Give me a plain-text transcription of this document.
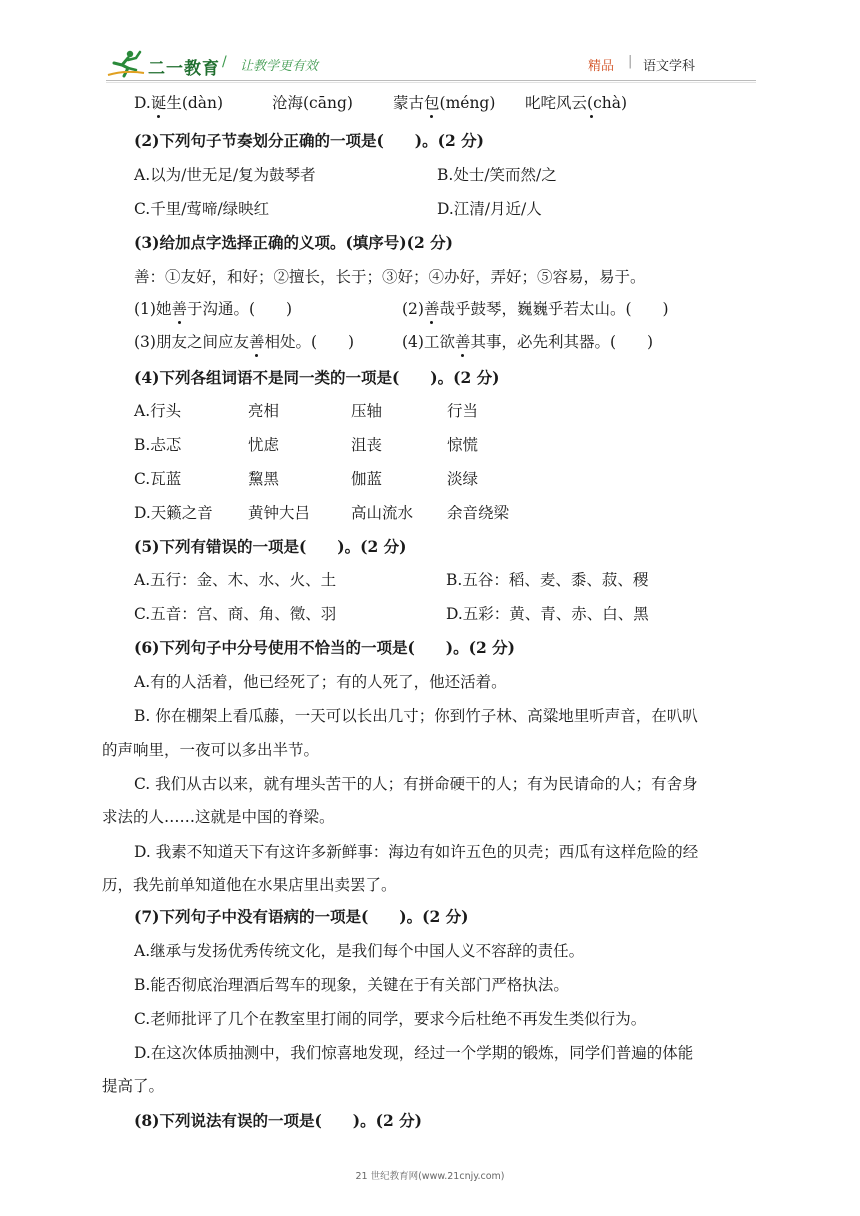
二一教育 / 让教学更有效	精品 | 语文学科
D.诞生(dàn)	沧海(cāng)	蒙古包(méng) 叱咤风云(chà)
(2)下列句子节奏划分正确的一项是(　　)。(2 分)
A.以为/世无足/复为鼓琴者	B.处士/笑而然/之
C.千里/莺啼/绿映红	D.江清/月近/人
(3)给加点字选择正确的义项。(填序号)(2 分)
善：①友好，和好；②擅长，长于；③好；④办好，弄好；⑤容易，易于。
(1)她善于沟通。(　　)	(2)善哉乎鼓琴，巍巍乎若太山。(　　)
(3)朋友之间应友善相处。(　　)	(4)工欲善其事，必先利其器。(　　)
(4)下列各组词语不是同一类的一项是(　　)。(2 分)
A.行头	亮相	压轴	行当
B.忐忑	忧虑	沮丧	惊慌
C.瓦蓝	黧黑	伽蓝	淡绿
D.天籁之音 黄钟大吕	高山流水 余音绕梁
(5)下列有错误的一项是(　　)。(2 分)
A.五行：金、木、水、火、土	B.五谷：稻、麦、黍、菽、稷
C.五音：宫、商、角、徵、羽	D.五彩：黄、青、赤、白、黑
(6)下列句子中分号使用不恰当的一项是(　　)。(2 分)
A.有的人活着，他已经死了；有的人死了，他还活着。
B. 你在棚架上看瓜藤，一天可以长出几寸；你到竹子林、高粱地里听声音，在叭叭
的声响里，一夜可以多出半节。
C. 我们从古以来，就有埋头苦干的人；有拼命硬干的人；有为民请命的人；有舍身
求法的人……这就是中国的脊梁。
D. 我素不知道天下有这许多新鲜事：海边有如许五色的贝壳；西瓜有这样危险的经
历，我先前单知道他在水果店里出卖罢了。
(7)下列句子中没有语病的一项是(　　)。(2 分)
A.继承与发扬优秀传统文化，是我们每个中国人义不容辞的责任。
B.能否彻底治理酒后驾车的现象，关键在于有关部门严格执法。
C.老师批评了几个在教室里打闹的同学，要求今后杜绝不再发生类似行为。
D.在这次体质抽测中，我们惊喜地发现，经过一个学期的锻炼，同学们普遍的体能
提高了。
(8)下列说法有误的一项是(　　)。(2 分)
21 世纪教育网(www.21cnjy.com)
